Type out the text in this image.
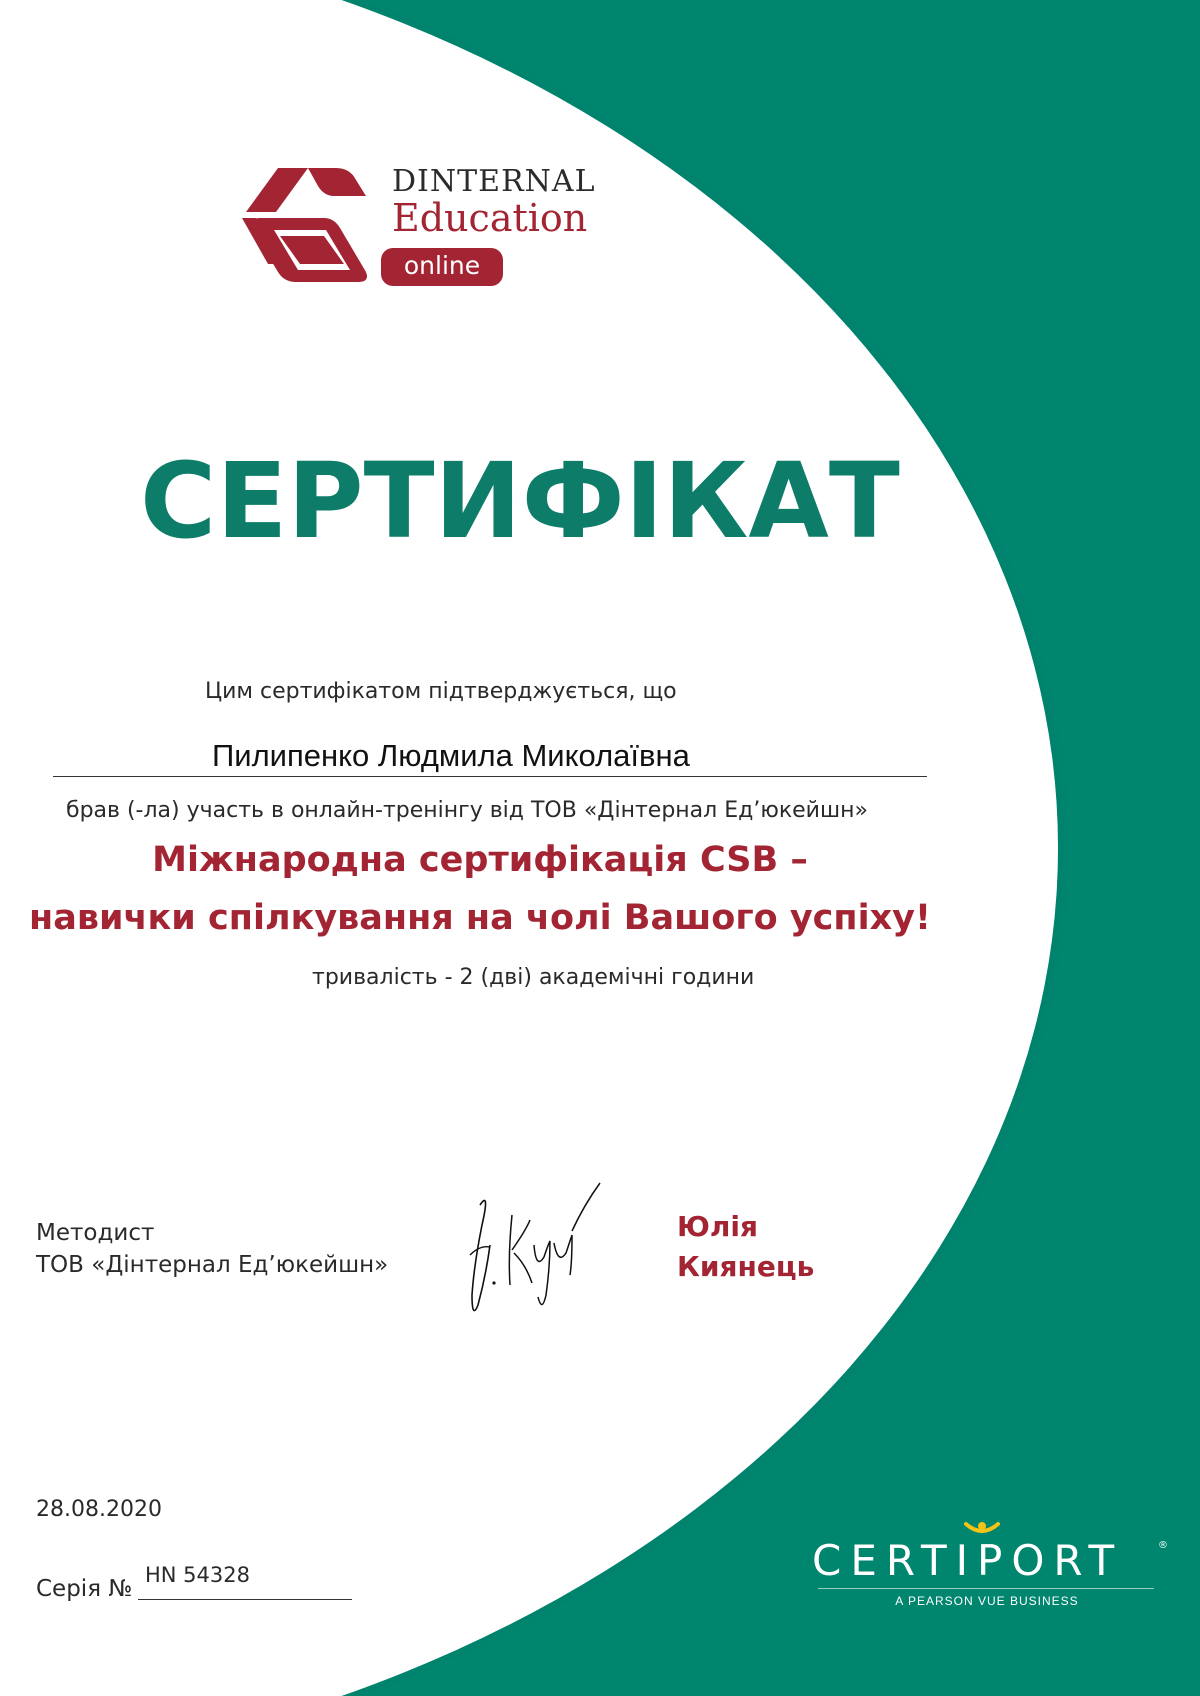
DINTERNAL
Education
online
СЕРТИФІКАТ
Цим сертифікатом підтверджується, що
Пилипенко Людмила Миколаївна
брав (-ла) участь в онлайн-тренінгу від ТОВ «Дінтернал Ед’юкейшн»
Міжнародна сертифікація CSB –
навички спілкування на чолі Вашого успіху!
тривалість - 2 (дві) академічні години
Методист
ТОВ «Дінтернал Ед’юкейшн»
Юлія
Киянець
28.08.2020
Серія №
HN 54328	CERTIPORT	®
A PEARSON VUE BUSINESS
